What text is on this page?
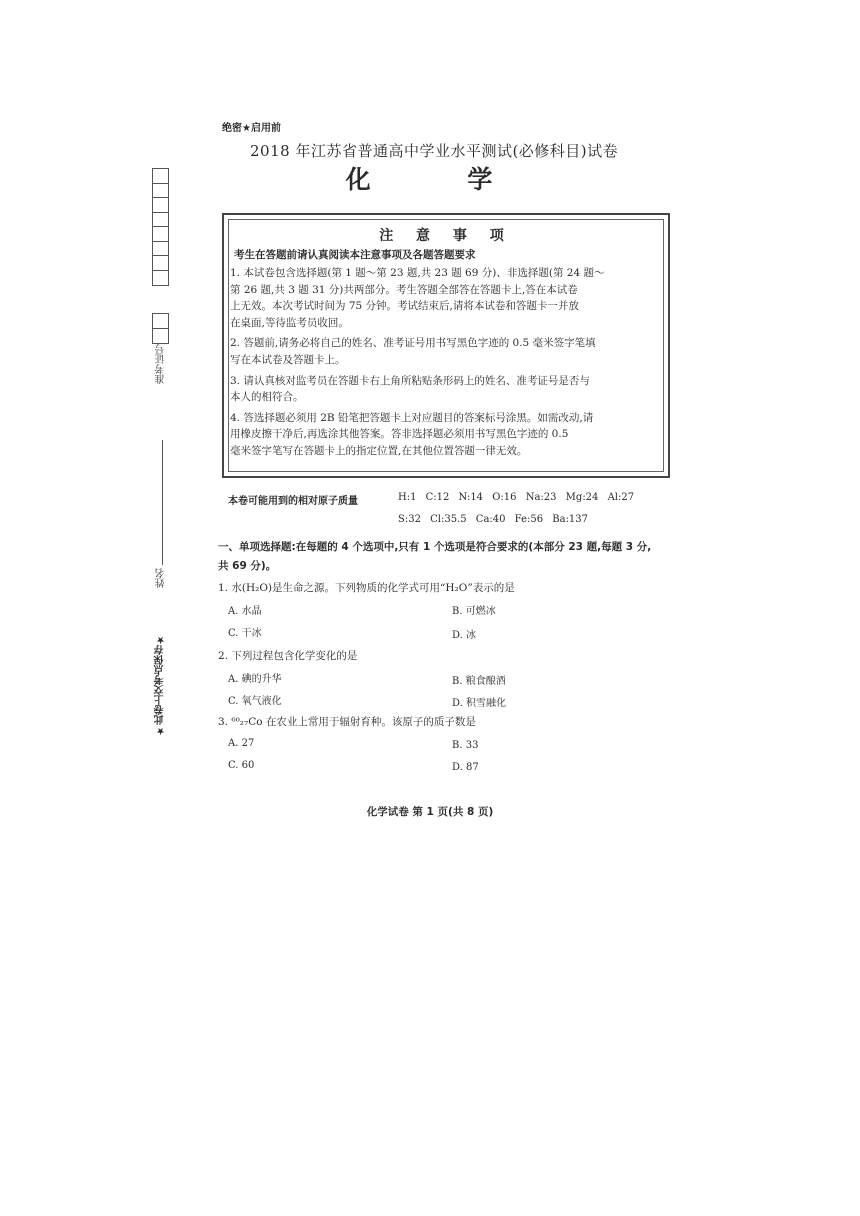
绝密★启用前
2018 年江苏省普通高中学业水平测试(必修科目)试卷
化 学
注 意 事 项
考生在答题前请认真阅读本注意事项及各题答题要求

1. 本试卷包含选择题(第 1 题～第 23 题,共 23 题 69 分)、非选择题(第 24 题～
第 26 题,共 3 题 31 分)共两部分。考生答题全部答在答题卡上,答在本试卷
上无效。本次考试时间为 75 分钟。考试结束后,请将本试卷和答题卡一并放
在桌面,等待监考员收回。

2. 答题前,请务必将自己的姓名、准考证号用书写黑色字迹的 0.5 毫米签字笔填
写在本试卷及答题卡上。

3. 请认真核对监考员在答题卡右上角所粘贴条形码上的姓名、准考证号是否与
本人的相符合。

4. 答选择题必须用 2B 铅笔把答题卡上对应题目的答案标号涂黑。如需改动,请
用橡皮擦干净后,再选涂其他答案。答非选择题必须用书写黑色字迹的 0.5
毫米签字笔写在答题卡上的指定位置,在其他位置答题一律无效。

本卷可能用到的相对原子质量	H:1 C:12 N:14 O:16 Na:23 Mg:24 Al:27
S:32 Cl:35.5 Ca:40 Fe:56 Ba:137
一、单项选择题:在每题的 4 个选项中,只有 1 个选项是符合要求的(本部分 23 题,每题 3 分,
共 69 分)。
1. 水(H₂O)是生命之源。下列物质的化学式可用“H₂O”表示的是
A. 水晶	B. 可燃冰
C. 干冰	D. 冰
2. 下列过程包含化学变化的是
A. 碘的升华	B. 粮食酿酒
C. 氧气液化	D. 积雪融化
3. ⁶⁰₂₇Co 在农业上常用于辐射育种。该原子的质子数是
A. 27	B. 33
C. 60	D. 87
化学试卷 第 1 页(共 8 页)
准考证号
姓名
★此卷上交考点保存★
